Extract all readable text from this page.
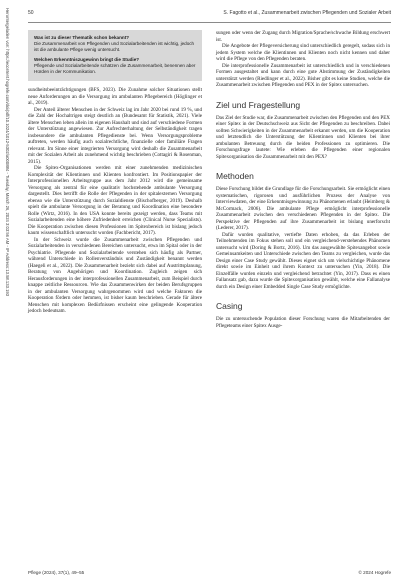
Heruntergeladen von: https://econtent.hogrefe.com/doi/pdf/10.1024/1012-5302/a000884 - Tuesday, March 26, 2024 3:03:56 AM - IP Address:13.58.133.193	50	S. Fagotto et al., Zusammenarbeit zwischen Pflegenden und Sozialer Arbeit

Was ist zu dieser Thematik schon bekannt?

Die Zusammenarbeit von Pflegenden und Sozialarbeitenden ist wichtig, jedoch ist die ambulante Pflege wenig untersucht.

Welchen Erkenntniszugewinn bringt die Studie?

Pflegende und Sozialarbeitende schätzen die Zusammenarbeit, benennen aber Hürden in der Kommunikation.

sundheitsbeeinträchtigungen (BFS, 2023). Die Zunahme solcher Situationen stellt neue Anforderungen an die Versorgung im ambulanten Pflegebereich (Höglinger et al., 2019).

Der Anteil älterer Menschen in der Schweiz lag im Jahr 2020 bei rund 19 %, und die Zahl der Hochaltrigen steigt deutlich an (Bundesamt für Statistik, 2021). Viele ältere Menschen leben allein im eigenen Haushalt und sind auf verschiedene Formen der Unterstützung angewiesen. Zur Aufrechterhaltung der Selbständigkeit tragen insbesondere die ambulanten Pflegedienste bei. Wenn Versorgungsprobleme auftreten, werden häufig auch sozialrechtliche, finanzielle oder familiäre Fragen relevant. Im Sinne einer integrierten Versorgung wird deshalb die Zusammenarbeit mit der Sozialen Arbeit als zunehmend wichtig beschrieben (Cottagiri & Rosenman, 2015).

Die Spitex-Organisationen werden mit einer zunehmenden medizinischen Komplexität der Klientinnen und Klienten konfrontiert. Im Positionspapier der Interprofessionellen Arbeitsgruppe aus dem Jahr 2012 wird die gemeinsame Versorgung als zentral für eine qualitativ hochstehende ambulante Versorgung dargestellt. Dies betrifft die Rolle der Pflegenden in der spitalexternen Versorgung ebenso wie die Unterstützung durch Sozialdienste (Bischofberger, 2019). Deshalb spielt die ambulante Versorgung in der Beratung und Koordination eine besondere Rolle (Wirtz, 2016). In den USA konnte bereits gezeigt werden, dass Teams mit Sozialarbeitenden eine höhere Zufriedenheit erreichen (Clinical Nurse Specialists). Die Kooperation zwischen diesen Professionen im Spitexbereich ist bislang jedoch kaum wissenschaftlich untersucht worden (Fachbericht, 2017).

In der Schweiz wurde die Zusammenarbeit zwischen Pflegenden und Sozialarbeitenden in verschiedenen Bereichen untersucht, etwa im Spital oder in der Psychiatrie. Pflegende und Sozialarbeitende verstehen sich häufig als Partner, während Unterschiede in Rollenverständnis und Zuständigkeit benannt werden (Haegeli et al., 2022). Die Zusammenarbeit bezieht sich dabei auf Austrittsplanung, Beratung von Angehörigen und Koordination. Zugleich zeigen sich Herausforderungen in der interprofessionellen Zusammenarbeit, zum Beispiel durch knappe zeitliche Ressourcen. Wie das Zusammenwirken der beiden Berufsgruppen in der ambulanten Versorgung wahrgenommen wird und welche Faktoren die Kooperation fördern oder hemmen, ist bisher kaum beschrieben. Gerade für ältere Menschen mit komplexen Bedürfnissen erscheint eine gelingende Kooperation jedoch bedeutsam.

sungen oder wenn der Zugang durch Migration/Sprache/schwache Bildung erschwert ist.

Die Angebote der Pflegeversicherung sind unterschiedlich geregelt, sodass sich in jedem System welche die Klientinnen und Klienten noch nicht kennen und daher wird die Pflege von den Pflegenden beraten.

Die interprofessionelle Zusammenarbeit ist unterschiedlich und in verschiedenen Formen ausgestaltet und kann durch eine gute Abstimmung der Zuständigkeiten unterstützt werden (Riedlinger et al., 2022). Bisher gibt es keine Studien, welche die Zusammenarbeit zwischen Pflegenden und PEX in der Spitex untersuchen.

Ziel und Fragestellung

Das Ziel der Studie war, die Zusammenarbeit zwischen den Pflegenden und den PEX einer Spitex in der Deutschschweiz aus Sicht der Pflegenden zu beschreiben. Dabei sollten Schwierigkeiten in der Zusammenarbeit erkannt werden, um die Kooperation und letztendlich die Unterstützung der Klientinnen und Klienten bei ihrer ambulanten Betreuung durch die beiden Professionen zu optimieren. Die Forschungsfrage lautete: Wie erleben die Pflegenden einer regionalen Spitexorganisation die Zusammenarbeit mit den PEX?

Methoden

Diese Forschung bildet die Grundlage für die Forschungsarbeit. Sie ermöglicht einen systematischen, rigorosen und ausführlichen Prozess der Analyse von Interviewdaten, der eine Erkenntnisgewinnung zu Phänomenen erlaubt (Heimberg & McCormack, 2006). Die ambulante Pflege ermöglicht interprofessionelle Zusammenarbeit zwischen den verschiedenen Pflegenden in der Spitex. Die Perspektive der Pflegenden auf ihre Zusammenarbeit ist bislang unerforscht (Lederer, 2017).

Dafür wurden qualitative, vertiefte Daten erhoben, da das Erleben der Teilnehmenden im Fokus stehen soll und ein vergleichend-verstehendes Phänomen untersucht wird (Doring & Bortz, 2016). Um das ausgewählte Spitexangebot sowie Gemeinsamkeiten und Unterschiede zwischen den Teams zu vergleichen, wurde das Design einer Case Study gewählt. Dieses eignet sich um vielschichtige Phänomene direkt sowie im Einheit und ihrem Kontext zu untersuchen (Yin, 2018). Die Einzelfälle wurden einzeln und vergleichend betrachtet (Yin, 2017). Dass es einen Fallansatz gab, dazu wurde die Spitexorganisation gewählt, welche eine Fallanalyse durch ein Design einer Embedded Single Case Study ermöglichte.

Casing

Die zu untersuchende Population dieser Forschung waren die Mitarbeitenden der Pflegeteams einer Spitex Ausge-

Pflege (2024), 37(1), 49–55	© 2024 Hogrefe
